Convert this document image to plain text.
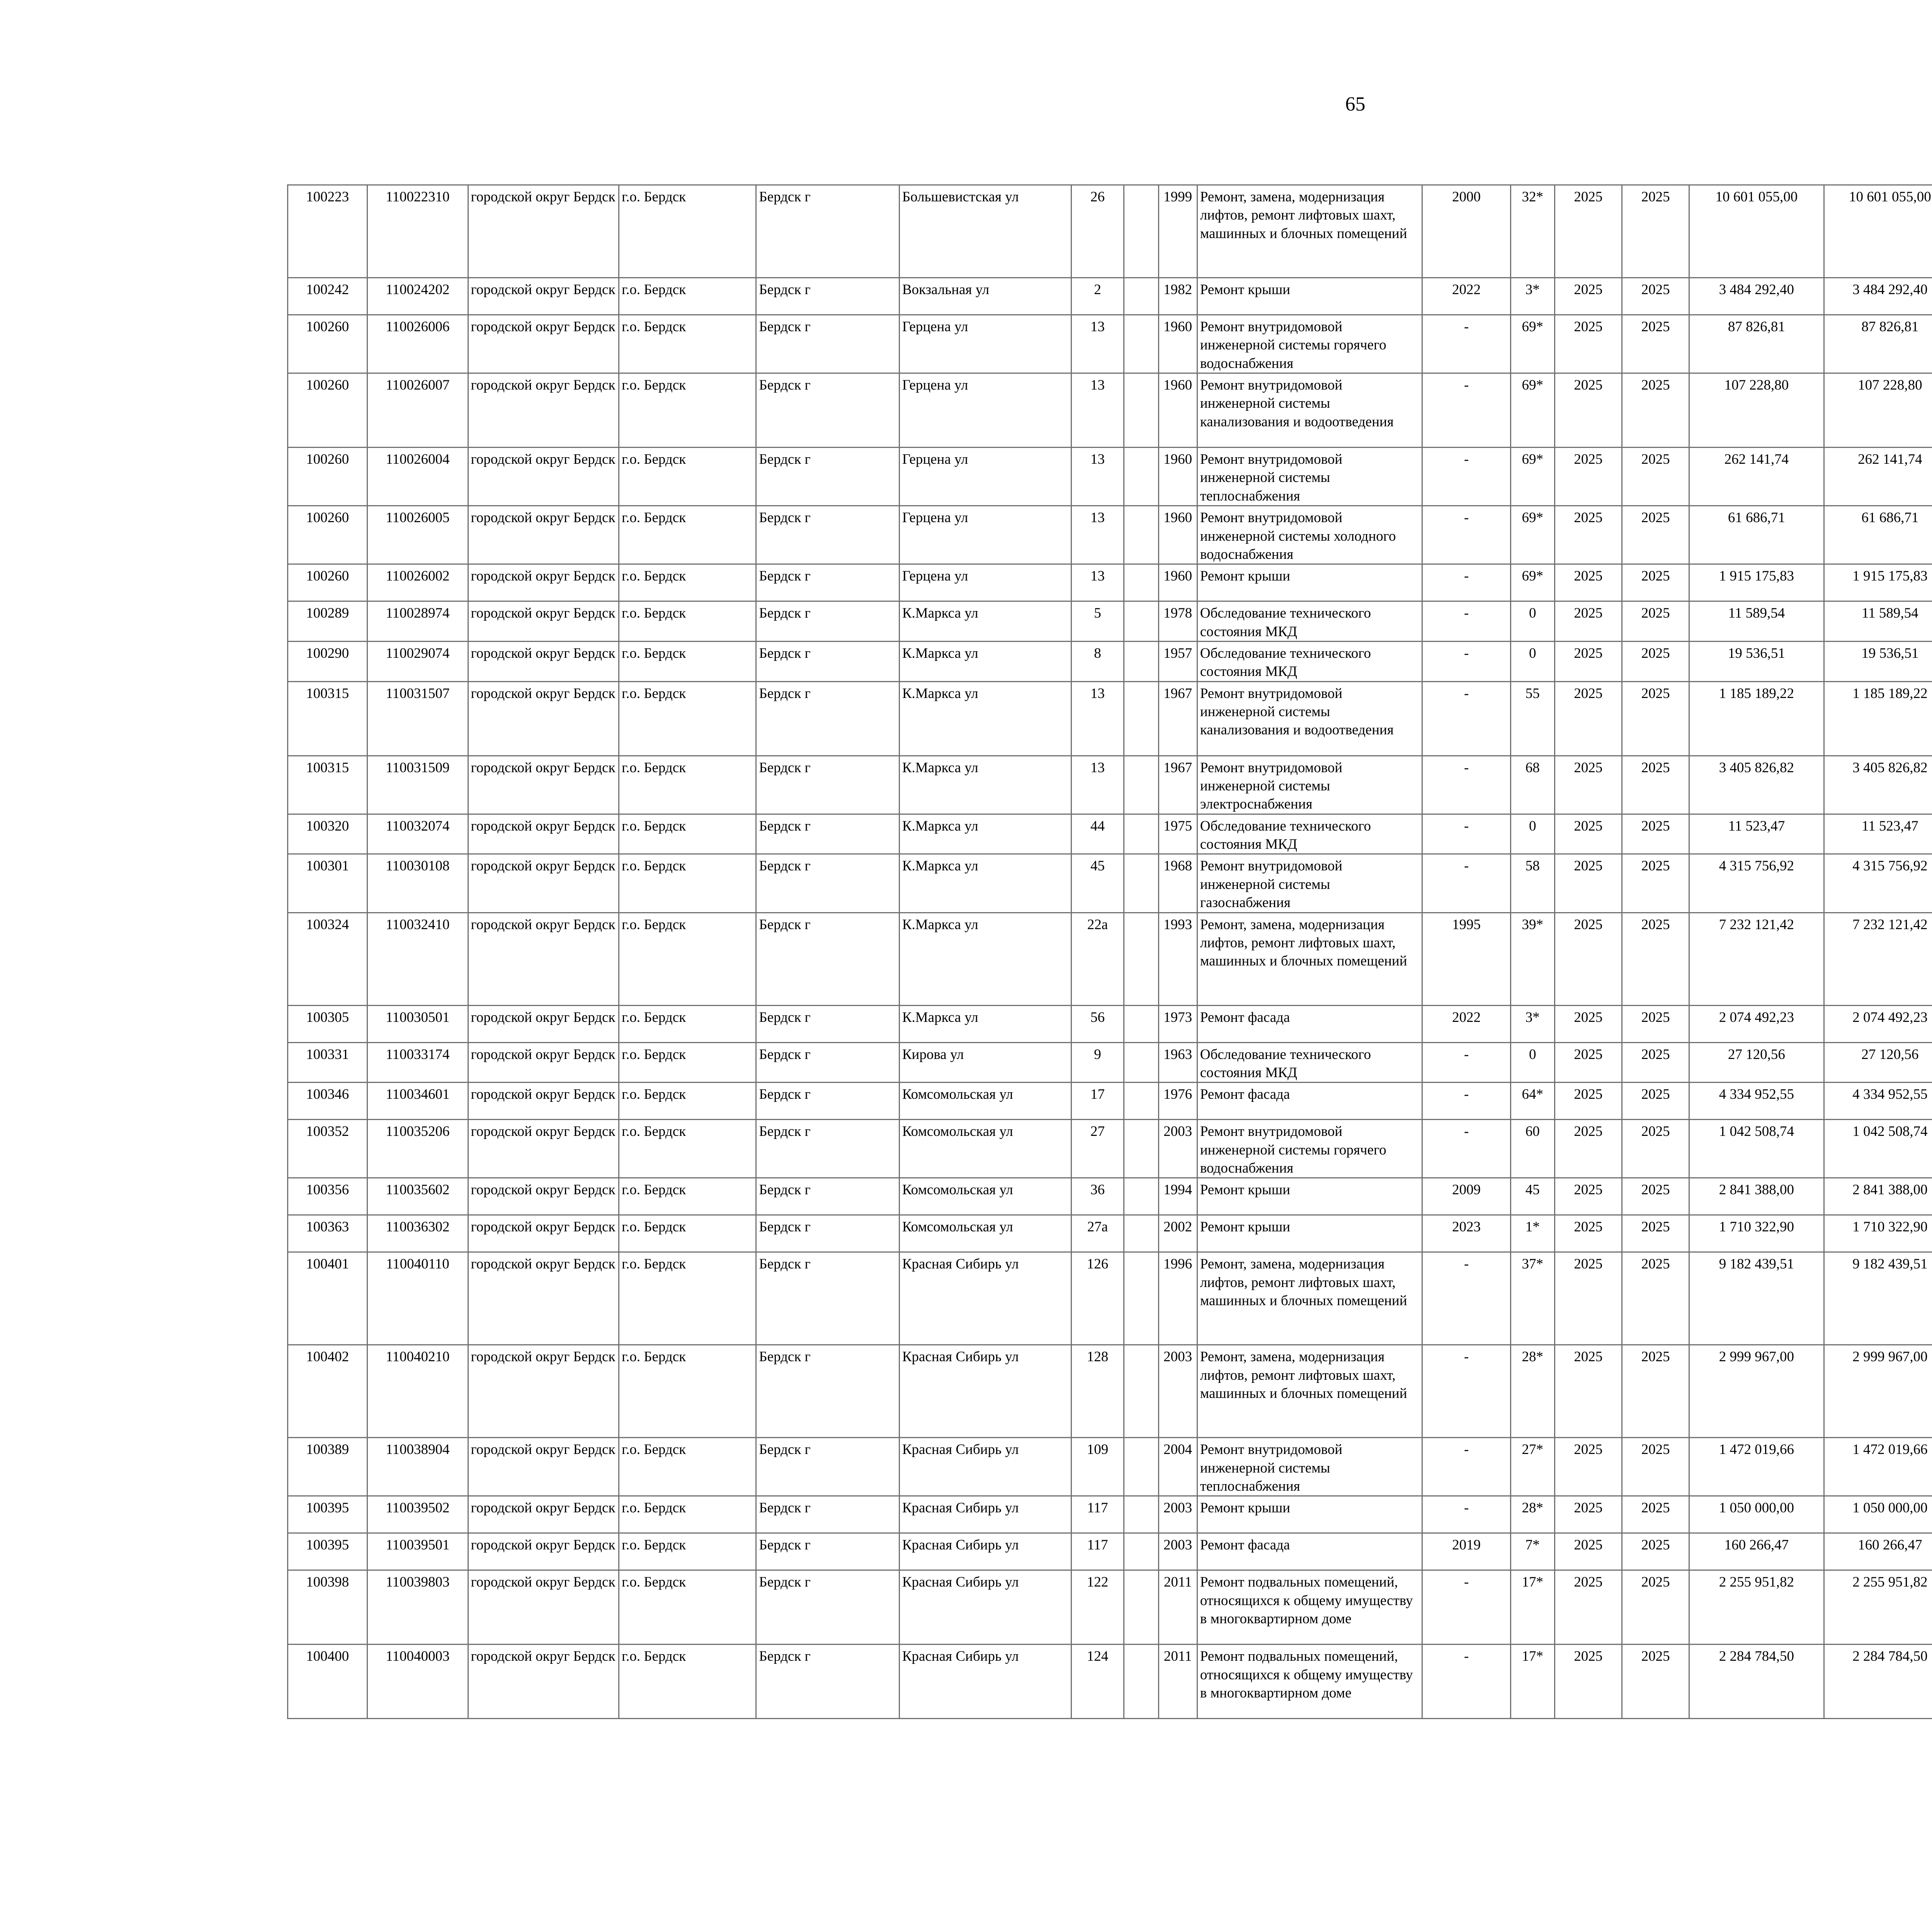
65
100223	110022310	городской округ Бердск	г.о. Бердск	Бердск г	Большевистская ул	26		1999	Ремонт, замена, модернизация лифтов, ремонт лифтовых шахт, машинных и блочных помещений	2000	32*	2025	2025	10 601 055,00	10 601 055,00						
100242	110024202	городской округ Бердск	г.о. Бердск	Бердск г	Вокзальная ул	2		1982	Ремонт крыши	2022	3*	2025	2025	3 484 292,40	3 484 292,40						
100260	110026006	городской округ Бердск	г.о. Бердск	Бердск г	Герцена ул	13		1960	Ремонт внутридомовой инженерной системы горячего водоснабжения	-	69*	2025	2025	87 826,81	87 826,81						
100260	110026007	городской округ Бердск	г.о. Бердск	Бердск г	Герцена ул	13		1960	Ремонт внутридомовой инженерной системы канализования и водоотведения	-	69*	2025	2025	107 228,80	107 228,80						
100260	110026004	городской округ Бердск	г.о. Бердск	Бердск г	Герцена ул	13		1960	Ремонт внутридомовой инженерной системы теплоснабжения	-	69*	2025	2025	262 141,74	262 141,74						
100260	110026005	городской округ Бердск	г.о. Бердск	Бердск г	Герцена ул	13		1960	Ремонт внутридомовой инженерной системы холодного водоснабжения	-	69*	2025	2025	61 686,71	61 686,71						
100260	110026002	городской округ Бердск	г.о. Бердск	Бердск г	Герцена ул	13		1960	Ремонт крыши	-	69*	2025	2025	1 915 175,83	1 915 175,83						
100289	110028974	городской округ Бердск	г.о. Бердск	Бердск г	К.Маркса ул	5		1978	Обследование технического состояния МКД	-	0	2025	2025	11 589,54	11 589,54						
100290	110029074	городской округ Бердск	г.о. Бердск	Бердск г	К.Маркса ул	8		1957	Обследование технического состояния МКД	-	0	2025	2025	19 536,51	19 536,51						
100315	110031507	городской округ Бердск	г.о. Бердск	Бердск г	К.Маркса ул	13		1967	Ремонт внутридомовой инженерной системы канализования и водоотведения	-	55	2025	2025	1 185 189,22	1 185 189,22						
100315	110031509	городской округ Бердск	г.о. Бердск	Бердск г	К.Маркса ул	13		1967	Ремонт внутридомовой инженерной системы электроснабжения	-	68	2025	2025	3 405 826,82	3 405 826,82						
100320	110032074	городской округ Бердск	г.о. Бердск	Бердск г	К.Маркса ул	44		1975	Обследование технического состояния МКД	-	0	2025	2025	11 523,47	11 523,47						
100301	110030108	городской округ Бердск	г.о. Бердск	Бердск г	К.Маркса ул	45		1968	Ремонт внутридомовой инженерной системы газоснабжения	-	58	2025	2025	4 315 756,92	4 315 756,92						
100324	110032410	городской округ Бердск	г.о. Бердск	Бердск г	К.Маркса ул	22а		1993	Ремонт, замена, модернизация лифтов, ремонт лифтовых шахт, машинных и блочных помещений	1995	39*	2025	2025	7 232 121,42	7 232 121,42						
100305	110030501	городской округ Бердск	г.о. Бердск	Бердск г	К.Маркса ул	56		1973	Ремонт фасада	2022	3*	2025	2025	2 074 492,23	2 074 492,23						
100331	110033174	городской округ Бердск	г.о. Бердск	Бердск г	Кирова ул	9		1963	Обследование технического состояния МКД	-	0	2025	2025	27 120,56	27 120,56						
100346	110034601	городской округ Бердск	г.о. Бердск	Бердск г	Комсомольская ул	17		1976	Ремонт фасада	-	64*	2025	2025	4 334 952,55	4 334 952,55						
100352	110035206	городской округ Бердск	г.о. Бердск	Бердск г	Комсомольская ул	27		2003	Ремонт внутридомовой инженерной системы горячего водоснабжения	-	60	2025	2025	1 042 508,74	1 042 508,74						
100356	110035602	городской округ Бердск	г.о. Бердск	Бердск г	Комсомольская ул	36		1994	Ремонт крыши	2009	45	2025	2025	2 841 388,00	2 841 388,00						
100363	110036302	городской округ Бердск	г.о. Бердск	Бердск г	Комсомольская ул	27а		2002	Ремонт крыши	2023	1*	2025	2025	1 710 322,90	1 710 322,90						
100401	110040110	городской округ Бердск	г.о. Бердск	Бердск г	Красная Сибирь ул	126		1996	Ремонт, замена, модернизация лифтов, ремонт лифтовых шахт, машинных и блочных помещений	-	37*	2025	2025	9 182 439,51	9 182 439,51						
100402	110040210	городской округ Бердск	г.о. Бердск	Бердск г	Красная Сибирь ул	128		2003	Ремонт, замена, модернизация лифтов, ремонт лифтовых шахт, машинных и блочных помещений	-	28*	2025	2025	2 999 967,00	2 999 967,00						
100389	110038904	городской округ Бердск	г.о. Бердск	Бердск г	Красная Сибирь ул	109		2004	Ремонт внутридомовой инженерной системы теплоснабжения	-	27*	2025	2025	1 472 019,66	1 472 019,66						
100395	110039502	городской округ Бердск	г.о. Бердск	Бердск г	Красная Сибирь ул	117		2003	Ремонт крыши	-	28*	2025	2025	1 050 000,00	1 050 000,00						
100395	110039501	городской округ Бердск	г.о. Бердск	Бердск г	Красная Сибирь ул	117		2003	Ремонт фасада	2019	7*	2025	2025	160 266,47	160 266,47						
100398	110039803	городской округ Бердск	г.о. Бердск	Бердск г	Красная Сибирь ул	122		2011	Ремонт подвальных помещений, относящихся к общему имуществу в многоквартирном доме	-	17*	2025	2025	2 255 951,82	2 255 951,82						
100400	110040003	городской округ Бердск	г.о. Бердск	Бердск г	Красная Сибирь ул	124		2011	Ремонт подвальных помещений, относящихся к общему имуществу в многоквартирном доме	-	17*	2025	2025	2 284 784,50	2 284 784,50						
